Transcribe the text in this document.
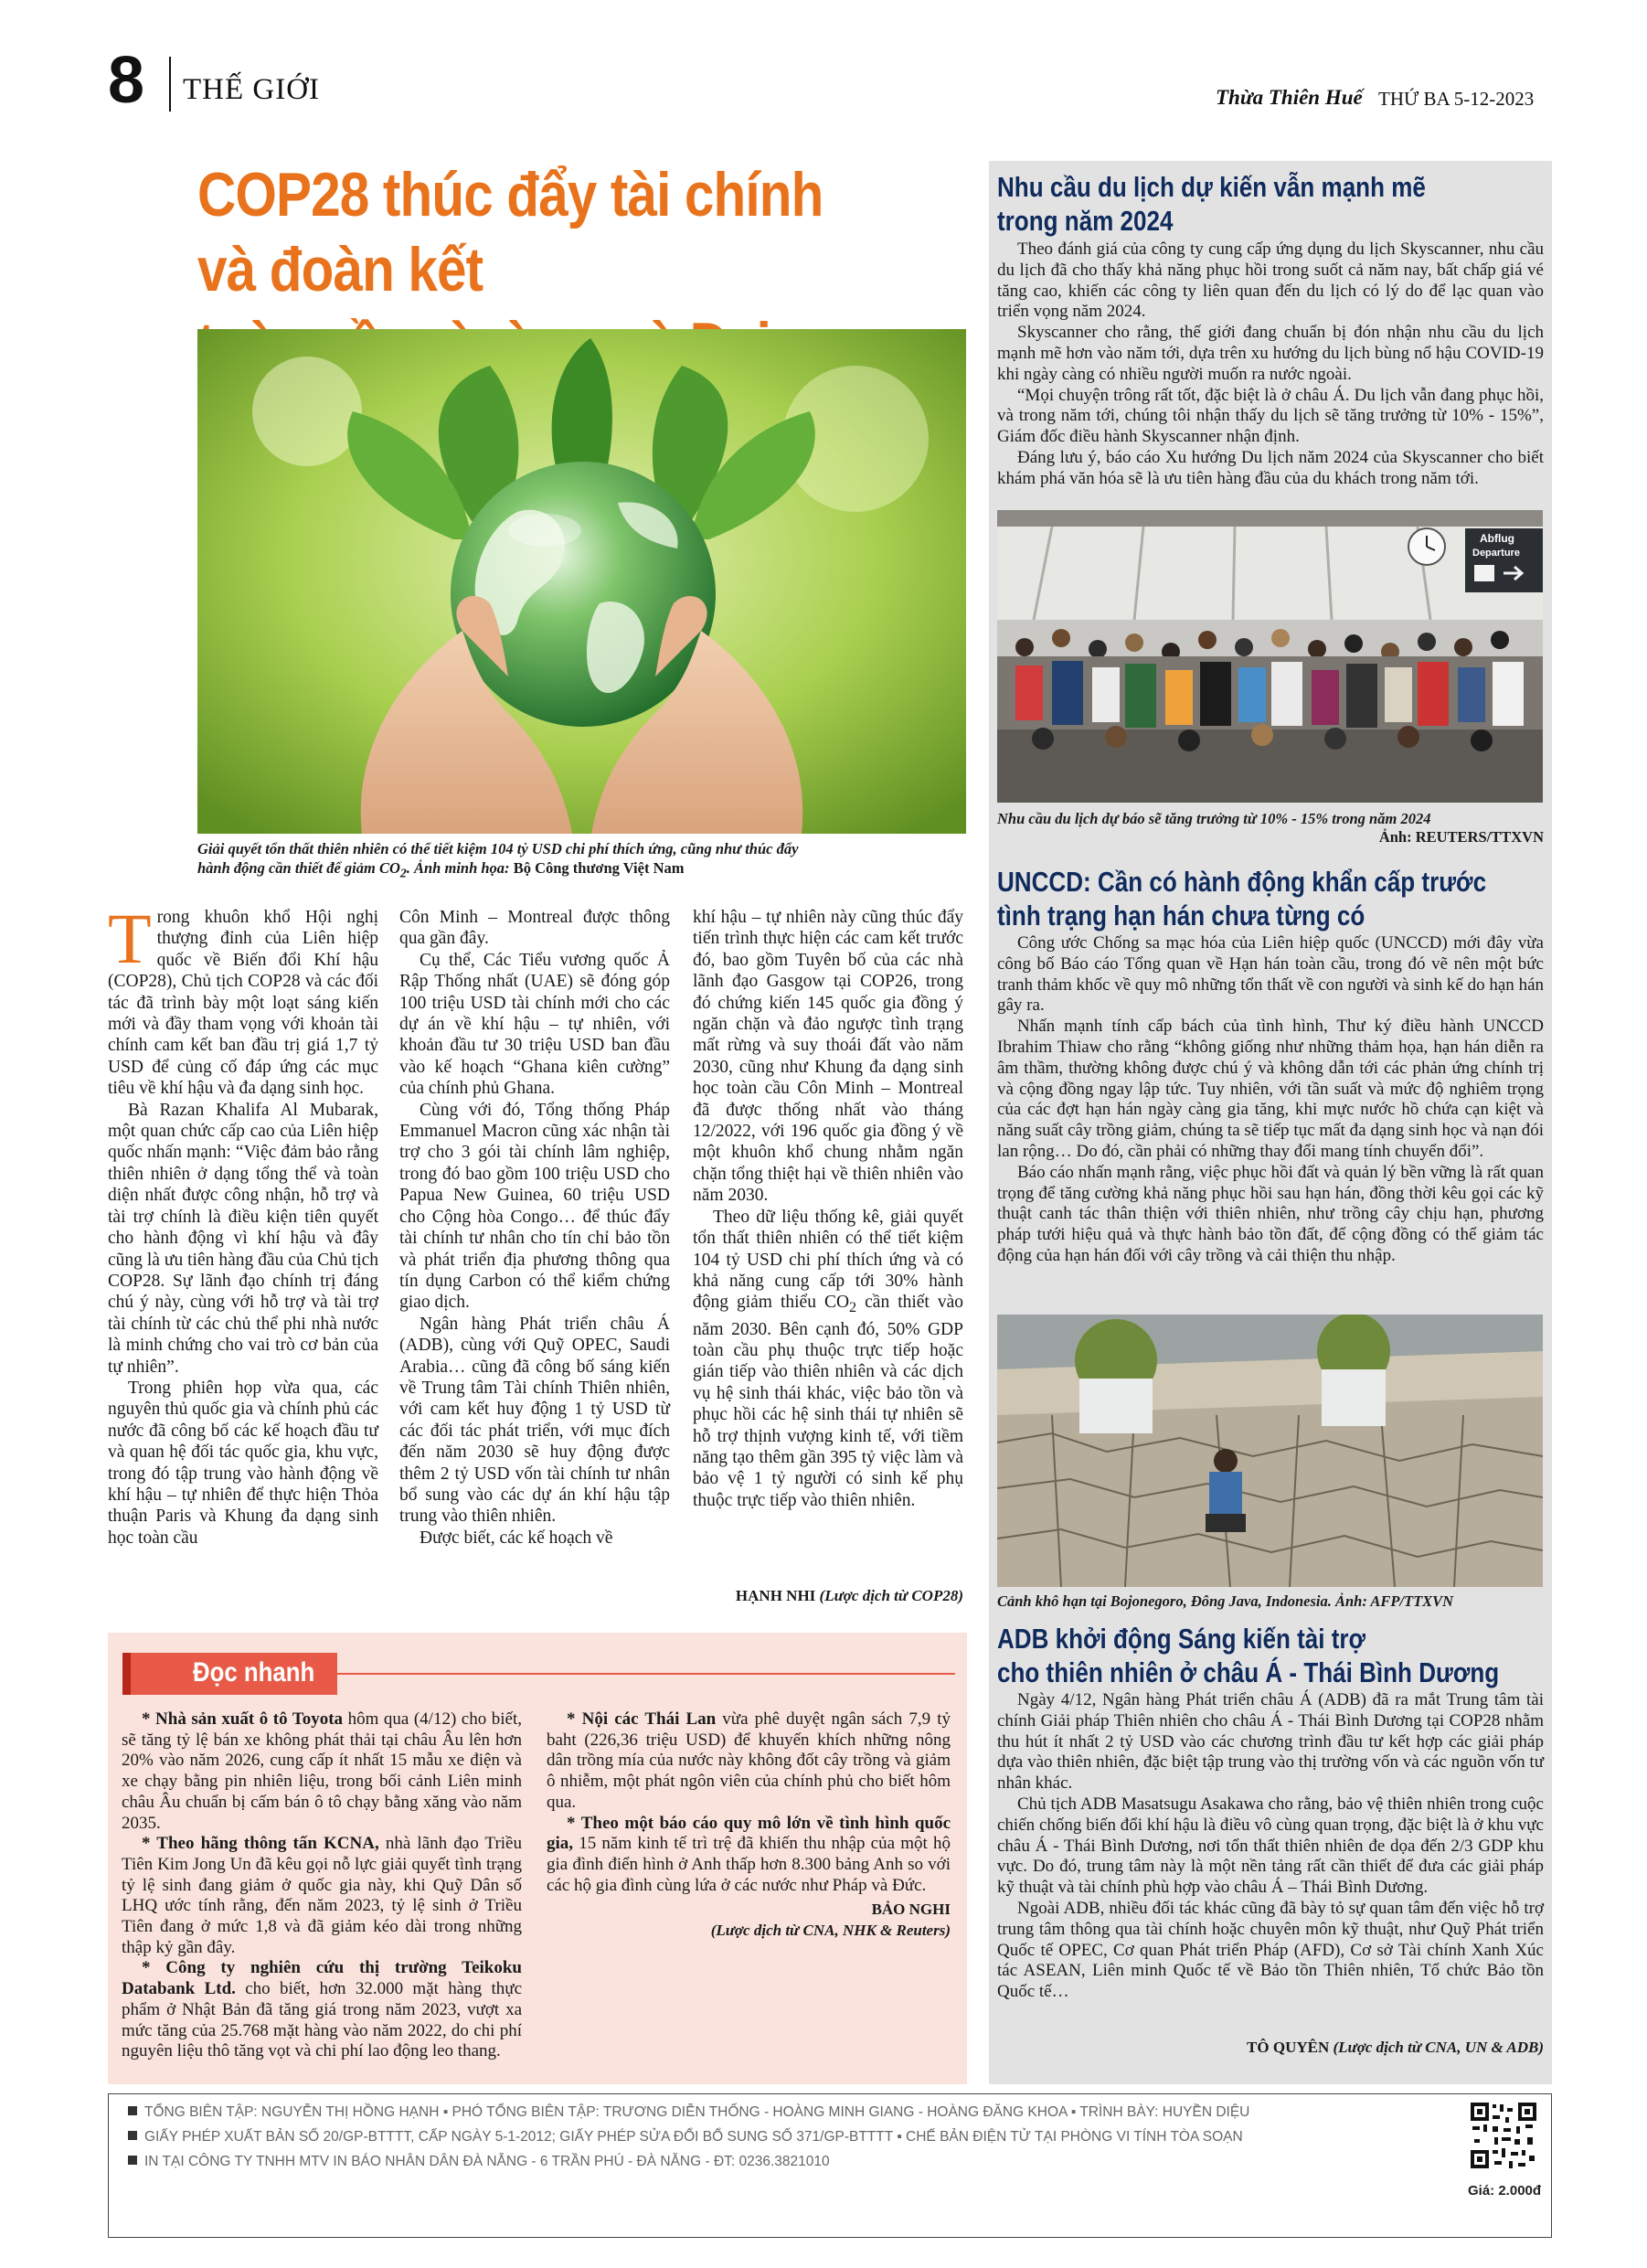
8 THẾ GIỚI	Thừa Thiên Huế THỨ BA 5-12-2023
COP28 thúc đẩy tài chính và đoàn kết
Giải quyết tổn thất thiên nhiên có thể tiết kiệm 104 tỷ USD chi phí thích ứng, cũng như thúc đẩy
hành động cần thiết để giảm $CO_2$. Ảnh minh họa: Bộ Công thương Việt Nam

Trong khuôn khổ Hội nghị thượng đỉnh của Liên hiệp quốc về Biến đổi Khí hậu (COP28), Chủ tịch COP28 và các đối tác đã trình bày một loạt sáng kiến mới và đầy tham vọng với khoản tài chính cam kết ban đầu trị giá 1,7 tỷ USD để củng cố đáp ứng các mục tiêu về khí hậu và đa dạng sinh học.

Bà Razan Khalifa Al Mubarak, một quan chức cấp cao của Liên hiệp quốc nhấn mạnh: “Việc đảm bảo rằng thiên nhiên ở dạng tổng thể và toàn diện nhất được công nhận, hỗ trợ và tài trợ chính là điều kiện tiên quyết cho hành động vì khí hậu và đây cũng là ưu tiên hàng đầu của Chủ tịch COP28. Sự lãnh đạo chính trị đáng chú ý này, cùng với hỗ trợ và tài trợ tài chính từ các chủ thể phi nhà nước là minh chứng cho vai trò cơ bản của tự nhiên”.

Trong phiên họp vừa qua, các nguyên thủ quốc gia và chính phủ các nước đã công bố các kế hoạch đầu tư và quan hệ đối tác quốc gia, khu vực, trong đó tập trung vào hành động về khí hậu – tự nhiên để thực hiện Thỏa thuận Paris và Khung đa dạng sinh học toàn cầu

Côn Minh – Montreal được thông qua gần đây.

Cụ thể, Các Tiểu vương quốc Ả Rập Thống nhất (UAE) sẽ đóng góp 100 triệu USD tài chính mới cho các dự án về khí hậu – tự nhiên, với khoản đầu tư 30 triệu USD ban đầu vào kế hoạch “Ghana kiên cường” của chính phủ Ghana.

Cùng với đó, Tổng thống Pháp Emmanuel Macron cũng xác nhận tài trợ cho 3 gói tài chính lâm nghiệp, trong đó bao gồm 100 triệu USD cho Papua New Guinea, 60 triệu USD cho Cộng hòa Congo… để thúc đẩy tài chính tư nhân cho tín chỉ bảo tồn và phát triển địa phương thông qua tín dụng Carbon có thể kiểm chứng giao dịch.

Ngân hàng Phát triển châu Á (ADB), cùng với Quỹ OPEC, Saudi Arabia… cũng đã công bố sáng kiến về Trung tâm Tài chính Thiên nhiên, với cam kết huy động 1 tỷ USD từ các đối tác phát triển, với mục đích đến năm 2030 sẽ huy động được thêm 2 tỷ USD vốn tài chính tư nhân bổ sung vào các dự án khí hậu tập trung vào thiên nhiên.

Được biết, các kế hoạch về

khí hậu – tự nhiên này cũng thúc đẩy tiến trình thực hiện các cam kết trước đó, bao gồm Tuyên bố của các nhà lãnh đạo Gasgow tại COP26, trong đó chứng kiến 145 quốc gia đồng ý ngăn chặn và đảo ngược tình trạng mất rừng và suy thoái đất vào năm 2030, cũng như Khung đa dạng sinh học toàn cầu Côn Minh – Montreal đã được thống nhất vào tháng 12/2022, với 196 quốc gia đồng ý về một khuôn khổ chung nhằm ngăn chặn tổng thiệt hại về thiên nhiên vào năm 2030.

Theo dữ liệu thống kê, giải quyết tổn thất thiên nhiên có thể tiết kiệm 104 tỷ USD chi phí thích ứng và có khả năng cung cấp tới 30% hành động giảm thiểu $CO_2$ cần thiết vào năm 2030. Bên cạnh đó, 50% GDP toàn cầu phụ thuộc trực tiếp hoặc gián tiếp vào thiên nhiên và các dịch vụ hệ sinh thái khác, việc bảo tồn và phục hồi các hệ sinh thái tự nhiên sẽ hỗ trợ thịnh vượng kinh tế, với tiềm năng tạo thêm gần 395 tỷ việc làm và bảo vệ 1 tỷ người có sinh kế phụ thuộc trực tiếp vào thiên nhiên.

HẠNH NHI (Lược dịch từ COP28)
Nhu cầu du lịch dự kiến vẫn mạnh mẽ
trong năm 2024

Theo đánh giá của công ty cung cấp ứng dụng du lịch Skyscanner, nhu cầu du lịch đã cho thấy khả năng phục hồi trong suốt cả năm nay, bất chấp giá vé tăng cao, khiến các công ty liên quan đến du lịch có lý do để lạc quan vào triển vọng năm 2024.

Skyscanner cho rằng, thế giới đang chuẩn bị đón nhận nhu cầu du lịch mạnh mẽ hơn vào năm tới, dựa trên xu hướng du lịch bùng nổ hậu COVID-19 khi ngày càng có nhiều người muốn ra nước ngoài.

“Mọi chuyện trông rất tốt, đặc biệt là ở châu Á. Du lịch vẫn đang phục hồi, và trong năm tới, chúng tôi nhận thấy du lịch sẽ tăng trưởng từ 10% - 15%”, Giám đốc điều hành Skyscanner nhận định.

Đáng lưu ý, báo cáo Xu hướng Du lịch năm 2024 của Skyscanner cho biết khám phá văn hóa sẽ là ưu tiên hàng đầu của du khách trong năm tới.

Abflug
Departure
Nhu cầu du lịch dự báo sẽ tăng trưởng từ 10% - 15% trong năm 2024
Ảnh: REUTERS/TTXVN
UNCCD: Cần có hành động khẩn cấp trước
tình trạng hạn hán chưa từng có

Công ước Chống sa mạc hóa của Liên hiệp quốc (UNCCD) mới đây vừa công bố Báo cáo Tổng quan về Hạn hán toàn cầu, trong đó vẽ nên một bức tranh thảm khốc về quy mô những tổn thất về con người và sinh kế do hạn hán gây ra.

Nhấn mạnh tính cấp bách của tình hình, Thư ký điều hành UNCCD Ibrahim Thiaw cho rằng “không giống như những thảm họa, hạn hán diễn ra âm thầm, thường không được chú ý và không dẫn tới các phản ứng chính trị và cộng đồng ngay lập tức. Tuy nhiên, với tần suất và mức độ nghiêm trọng của các đợt hạn hán ngày càng gia tăng, khi mực nước hồ chứa cạn kiệt và năng suất cây trồng giảm, chúng ta sẽ tiếp tục mất đa dạng sinh học và nạn đói lan rộng… Do đó, cần phải có những thay đổi mang tính chuyển đổi”.

Báo cáo nhấn mạnh rằng, việc phục hồi đất và quản lý bền vững là rất quan trọng để tăng cường khả năng phục hồi sau hạn hán, đồng thời kêu gọi các kỹ thuật canh tác thân thiện với thiên nhiên, như trồng cây chịu hạn, phương pháp tưới hiệu quả và thực hành bảo tồn đất, để cộng đồng có thể giảm tác động của hạn hán đối với cây trồng và cải thiện thu nhập.

Cảnh khô hạn tại Bojonegoro, Đông Java, Indonesia. Ảnh: AFP/TTXVN
ADB khởi động Sáng kiến tài trợ
cho thiên nhiên ở châu Á - Thái Bình Dương

Ngày 4/12, Ngân hàng Phát triển châu Á (ADB) đã ra mắt Trung tâm tài chính Giải pháp Thiên nhiên cho châu Á - Thái Bình Dương tại COP28 nhằm thu hút ít nhất 2 tỷ USD vào các chương trình đầu tư kết hợp các giải pháp dựa vào thiên nhiên, đặc biệt tập trung vào thị trường vốn và các nguồn vốn tư nhân khác.

Chủ tịch ADB Masatsugu Asakawa cho rằng, bảo vệ thiên nhiên trong cuộc chiến chống biến đổi khí hậu là điều vô cùng quan trọng, đặc biệt là ở khu vực châu Á - Thái Bình Dương, nơi tổn thất thiên nhiên đe dọa đến 2/3 GDP khu vực. Do đó, trung tâm này là một nền tảng rất cần thiết để đưa các giải pháp kỹ thuật và tài chính phù hợp vào châu Á – Thái Bình Dương.

Ngoài ADB, nhiều đối tác khác cũng đã bày tỏ sự quan tâm đến việc hỗ trợ trung tâm thông qua tài chính hoặc chuyên môn kỹ thuật, như Quỹ Phát triển Quốc tế OPEC, Cơ quan Phát triển Pháp (AFD), Cơ sở Tài chính Xanh Xúc tác ASEAN, Liên minh Quốc tế về Bảo tồn Thiên nhiên, Tổ chức Bảo tồn Quốc tế…

TÔ QUYÊN (Lược dịch từ CNA, UN & ADB)
Đọc nhanh

* Nhà sản xuất ô tô Toyota hôm qua (4/12) cho biết, sẽ tăng tỷ lệ bán xe không phát thải tại châu Âu lên hơn 20% vào năm 2026, cung cấp ít nhất 15 mẫu xe điện và xe chạy bằng pin nhiên liệu, trong bối cảnh Liên minh châu Âu chuẩn bị cấm bán ô tô chạy bằng xăng vào năm 2035.

* Theo hãng thông tấn KCNA, nhà lãnh đạo Triều Tiên Kim Jong Un đã kêu gọi nỗ lực giải quyết tình trạng tỷ lệ sinh đang giảm ở quốc gia này, khi Quỹ Dân số LHQ ước tính rằng, đến năm 2023, tỷ lệ sinh ở Triều Tiên đang ở mức 1,8 và đã giảm kéo dài trong những thập kỷ gần đây.

* Công ty nghiên cứu thị trường Teikoku Databank Ltd. cho biết, hơn 32.000 mặt hàng thực phẩm ở Nhật Bản đã tăng giá trong năm 2023, vượt xa mức tăng của 25.768 mặt hàng vào năm 2022, do chi phí nguyên liệu thô tăng vọt và chi phí lao động leo thang.

* Nội các Thái Lan vừa phê duyệt ngân sách 7,9 tỷ baht (226,36 triệu USD) để khuyến khích những nông dân trồng mía của nước này không đốt cây trồng và giảm ô nhiễm, một phát ngôn viên của chính phủ cho biết hôm qua.

* Theo một báo cáo quy mô lớn về tình hình quốc gia, 15 năm kinh tế trì trệ đã khiến thu nhập của một hộ gia đình điển hình ở Anh thấp hơn 8.300 bảng Anh so với các hộ gia đình cùng lứa ở các nước như Pháp và Đức.

BẢO NGHI
(Lược dịch từ CNA, NHK & Reuters)
TỔNG BIÊN TẬP: NGUYỄN THỊ HỒNG HẠNH ▪ PHÓ TỔNG BIÊN TẬP: TRƯƠNG DIỄN THỐNG - HOÀNG MINH GIANG - HOÀNG ĐĂNG KHOA ▪ TRÌNH BÀY: HUYỀN DIỆU
GIẤY PHÉP XUẤT BẢN SỐ 20/GP-BTTTT, CẤP NGÀY 5-1-2012; GIẤY PHÉP SỬA ĐỔI BỔ SUNG SỐ 371/GP-BTTTT ▪ CHẾ BẢN ĐIỆN TỬ TẠI PHÒNG VI TÍNH TÒA SOẠN
IN TẠI CÔNG TY TNHH MTV IN BÁO NHÂN DÂN ĐÀ NẴNG - 6 TRẦN PHÚ - ĐÀ NẴNG - ĐT: 0236.3821010
Giá: 2.000đ
